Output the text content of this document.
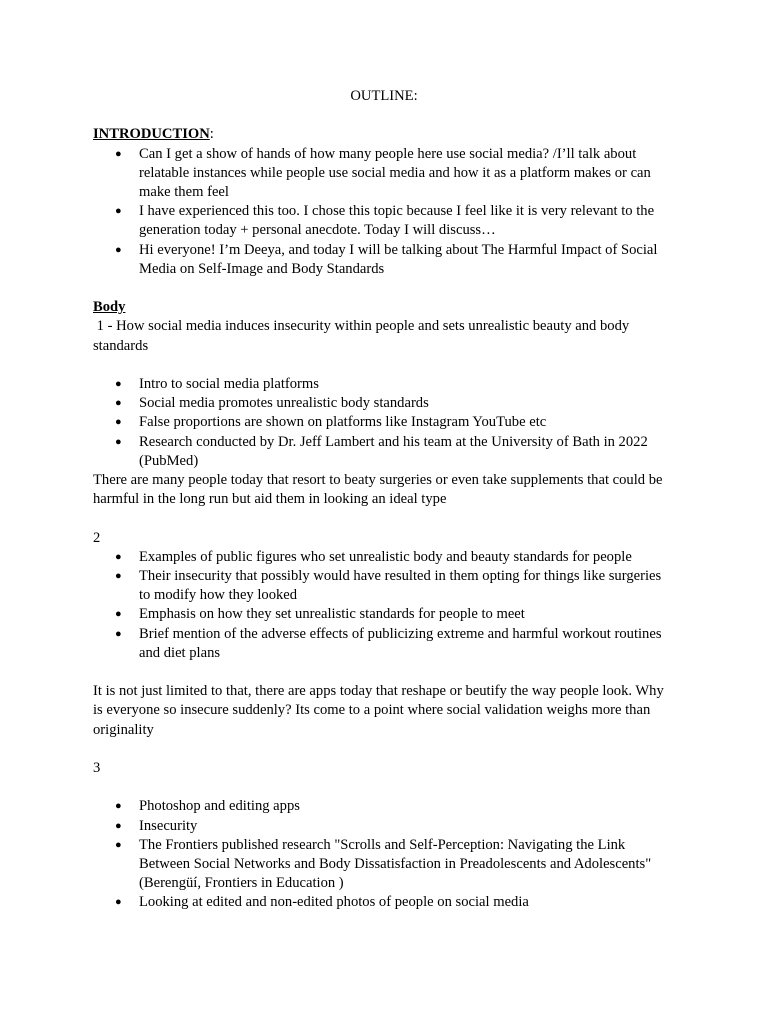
OUTLINE:

INTRODUCTION:

● Can I get a show of hands of how many people here use social media? /I’ll talk about relatable instances while people use social media and how it as a platform makes or can make them feel
● I have experienced this too. I chose this topic because I feel like it is very relevant to the generation today + personal anecdote. Today I will discuss…
● Hi everyone! I’m Deeya, and today I will be talking about The Harmful Impact of Social Media on Self-Image and Body Standards

Body

1 - How social media induces insecurity within people and sets unrealistic beauty and body standards

● Intro to social media platforms
● Social media promotes unrealistic body standards
● False proportions are shown on platforms like Instagram YouTube etc
● Research conducted by Dr. Jeff Lambert and his team at the University of Bath in 2022  (PubMed)

There are many people today that resort to beaty surgeries or even take supplements that could be harmful in the long run but aid them in looking an ideal type

2

● Examples of public figures who set unrealistic body and beauty standards for people
● Their insecurity that possibly would have resulted in them opting for things like surgeries to modify how they looked
● Emphasis on how they set unrealistic standards for people to meet
● Brief mention of the adverse effects of publicizing extreme and harmful workout routines and diet plans

It is not just limited to that, there are apps today that reshape or beutify the way people look. Why is everyone so insecure suddenly? Its come to a point where social validation weighs more than originality

3

● Photoshop and editing apps
● Insecurity
● The Frontiers published research "Scrolls and Self-Perception: Navigating the Link Between Social Networks and Body Dissatisfaction in Preadolescents and Adolescents" (Berengüí, Frontiers in Education )
● Looking at edited and non-edited photos of people on social media
